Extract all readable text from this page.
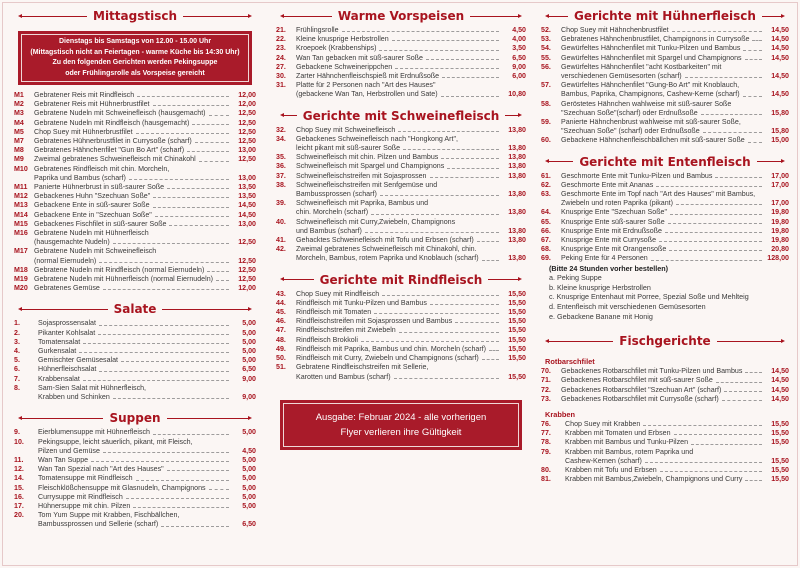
Mittagstisch
Dienstags bis Samstags von 12.00 - 15.00 Uhr
(Mittagstisch nicht an Feiertagen - warme Küche bis 14:30 Uhr)
Zu den folgenden Gerichten werden Pekingsuppe
oder Frühlingsrolle als Vorspeise gereicht
M1	Gebratener Reis mit Rindfleisch	12,00
M2	Gebratener Reis mit Hühnerbrustfilet	12,00
M3	Gebratene Nudeln mit Schweinefleisch (hausgemacht)	12,50
M4	Gebratene Nudeln mit Rindfleisch (hausgemacht)	12,50
M5	Chop Suey mit Hühnerbrustfilet	12,50
M7	Gebratenes Hühnerbrustfilet in Currysoße (scharf)	12,50
M8	Gebratenes Hähnchenfilet "Gun Bo Art" (scharf)	13,00
M9	Zweimal gebratenes Schweinefleisch mit Chinakohl	12,50
M10 Gebratenes Rindfleisch mit chin. Morcheln,
Paprika und Bambus (scharf)	13,00
M11 Panierte Hühnerbrust in süß-saurer Soße	13,50
M12 Gebackenes Huhn "Szechuan Soße"	13,50
M13 Gebackene Ente in süß-saurer Soße	14,50
M14 Gebackene Ente in "Szechuan Soße"	14,50
M15 Gebackenes Fischfilet in süß-saurer Soße	13,00
M16 Gebratene Nudeln mit Hühnerfleisch
(hausgemachte Nudeln)	12,50
M17 Gebratene Nudeln mit Schweinefleisch
(normal Eiernudeln)	12,50
M18 Gebratene Nudeln mit Rindfleisch (normal Eiernudeln)	12,50
M19 Gebratene Nudeln mit Hühnerfleisch (normal Eiernudeln)	12,50
M20 Gebratenes Gemüse	12,00
Salate
1.	Sojasprossensalat	5,00
2.	Pikanter Kohlsalat	5,00
3.	Tomatensalat	5,00
4.	Gurkensalat	5,00
5.	Gemischter Gemüsesalat	5,00
6.	Hühnerfleischsalat	6,50
7.	Krabbensalat	9,00
8.	Sam-Sien Salat mit Hühnerfleisch,
Krabben und Schinken	9,00
Suppen
9.	Eierblumensuppe mit Hühnerfleisch	5,00
10.	Pekingsuppe, leicht säuerlich, pikant, mit Fleisch,
Pilzen und Gemüse	4,50
11.	Wan Tan Suppe	5,00
12.	Wan Tan Spezial nach "Art des Hauses"	5,00
14.	Tomatensuppe mit Rindfleisch	5,00
15.	Fleischklößchensuppe mit Glasnudeln, Champignons	5,00
16.	Currysuppe mit Rindfleisch	5,00
17.	Hühnersuppe mit chin. Pilzen	5,00
20.	Tom Yum Suppe mit Krabben, Fischbällchen,
Bambussprossen und Sellerie (scharf)	6,50
Warme Vorspeisen
21.	Frühlingsrolle	4,50
22.	Kleine knusprige Herbstrollen	4,00
23.	Kroepoek (Krabbenships)	3,50
24.	Wan Tan gebacken mit süß-saurer Soße	6,50
27.	Gebackene Schweinerippchen	9,00
30.	Zarter Hähnchenfleischspieß mit Erdnußsoße	6,00
31.	Platte für 2 Personen nach "Art des Hauses"
(gebackene Wan Tan, Herbstrollen und Sate)	10,80
Gerichte mit Schweinefleisch
32.	Chop Suey mit Schweinefleisch	13,80
34.	Gebackenes Schweinefleisch nach "Hongkong Art",
leicht pikant mit süß-saurer Soße	13,80
35.	Schweinefleisch mit chin. Pilzen und Bambus	13,80
36.	Schweinefleisch mit Spargel und Champignons	13,80
37.	Schweinefleischstreifen mit Sojasprossen	13,80
38.	Schweinefleischstreifen mit Senfgemüse und
Bambussprossen (scharf)	13,80
39.	Schweinefleisch mit Paprika, Bambus und
chin. Morcheln (scharf)	13,80
40.	Schweinefleisch mit Curry,Zwiebeln, Champignons
und Bambus (scharf)	13,80
41.	Gehacktes Schweinefleisch mit Tofu und Erbsen (scharf)	13,80
42.	Zweimal gebratenes Schweinefleisch mit Chinakohl, chin.
Morcheln, Bambus, rotem Paprika und Knoblauch (scharf)	13,80
Gerichte mit Rindfleisch
43.	Chop Suey mit Rindfleisch	15,50
44.	Rindfleisch mit Tunku-Pilzen und Bambus	15,50
45.	Rindfleisch mit Tomaten	15,50
46.	Rindfleischstreifen mit Sojasprossen und Bambus	15,50
47.	Rindfleischstreifen mit Zwiebeln	15,50
48.	Rindfleisch Brokkoli	15,50
49.	Rindfleisch mit Paprika, Bambus und chin. Morcheln (scharf)	15,50
50.	Rindfleisch mit Curry, Zwiebeln und Champignons (scharf)	15,50
51.	Gebratene Rindfleischstreifen mit Sellerie,
Karotten und Bambus (scharf)	15,50
Ausgabe: Februar 2024 - alle vorherigen
Flyer verlieren ihre Gültigkeit
Gerichte mit Hühnerfleisch
52.	Chop Suey mit Hähnchenbrustfilet	14,50
53.	Gebratenes Hähnchenbrustfilet, Champignons in Currysoße	14,50
54.	Gewürfeltes Hähnchenfilet mit Tunku-Pilzen und Bambus	14,50
55.	Gewürfeltes Hähnchenfilet mit Spargel und Champignons	14,50
56.	Gewürfeltes Hähnchenfilet "acht Kostbarkeiten" mit
verschiedenen Gemüsesorten (scharf)	14,50
57.	Gewürfeltes Hähnchenfilet "Gung-Bo Art" mit Knoblauch,
Bambus, Paprika, Champignons, Cashew-Kerne (scharf)	14,50
58.	Geröstetes Hähnchen wahlweise mit süß-saurer Soße
"Szechuan Soße"(scharf) oder Erdnußsoße	15,80
59.	Panierte Hähnchenbrust wahlweise mit süß-saurer Soße,
"Szechuan Soße" (scharf) oder Erdnußsoße	15,80
60.	Gebackene Hähnchenfleischbällchen mit süß-saurer Soße	15,00
Gerichte mit Entenfleisch
61.	Geschmorte Ente mit Tunku-Pilzen und Bambus	17,00
62.	Geschmorte Ente mit Ananas	17,00
63.	Geschmorte Ente im Topf nach "Art des Hauses" mit Bambus,
Zwiebeln und roten Paprika (pikant)	17,00
64.	Knusprige Ente "Szechuan Soße"	19,80
65.	Knusprige Ente süß-saurer Soße	19,80
66.	Knusprige Ente mit Erdnußsoße	19,80
67.	Knusprige Ente mit Currysoße	19,80
68.	Knusprige Ente mit Orangensoße	20,80
69.	Peking Ente für 4 Personen	128,00
(Bitte 24 Stunden vorher bestellen)
a. Peking Suppe
b. Kleine knusprige Herbstrollen
c. Knusprige Entenhaut mit Porree, Spezial Soße und Mehlteig
d. Entenfleisch mit verschiedenen Gemüsesorten
e. Gebackene Banane mit Honig
Fischgerichte
Rotbarschfilet
70.	Gebackenes Rotbarschfilet mit Tunku-Pilzen und Bambus	14,50
71.	Gebackenes Rotbarschfilet mit süß-saurer Soße	14,50
72.	Gebackenes Rotbarschfilet "Szechuan Art" (scharf)	14,50
73.	Gebackenes Rotbarschfilet mit Currysoße (scharf)	14,50
Krabben
76.	Chop Suey mit Krabben	15,50
77.	Krabben mit Tomaten und Erbsen	15,50
78.	Krabben mit Bambus und Tunku-Pilzen	15,50
79.	Krabben mit Bambus, rotem Paprika und
Cashew-Kernen (scharf)	15,50
80.	Krabben mit Tofu und Erbsen	15,50
81.	Krabben mit Bambus,Zwiebeln, Champignons und Curry	15,50
